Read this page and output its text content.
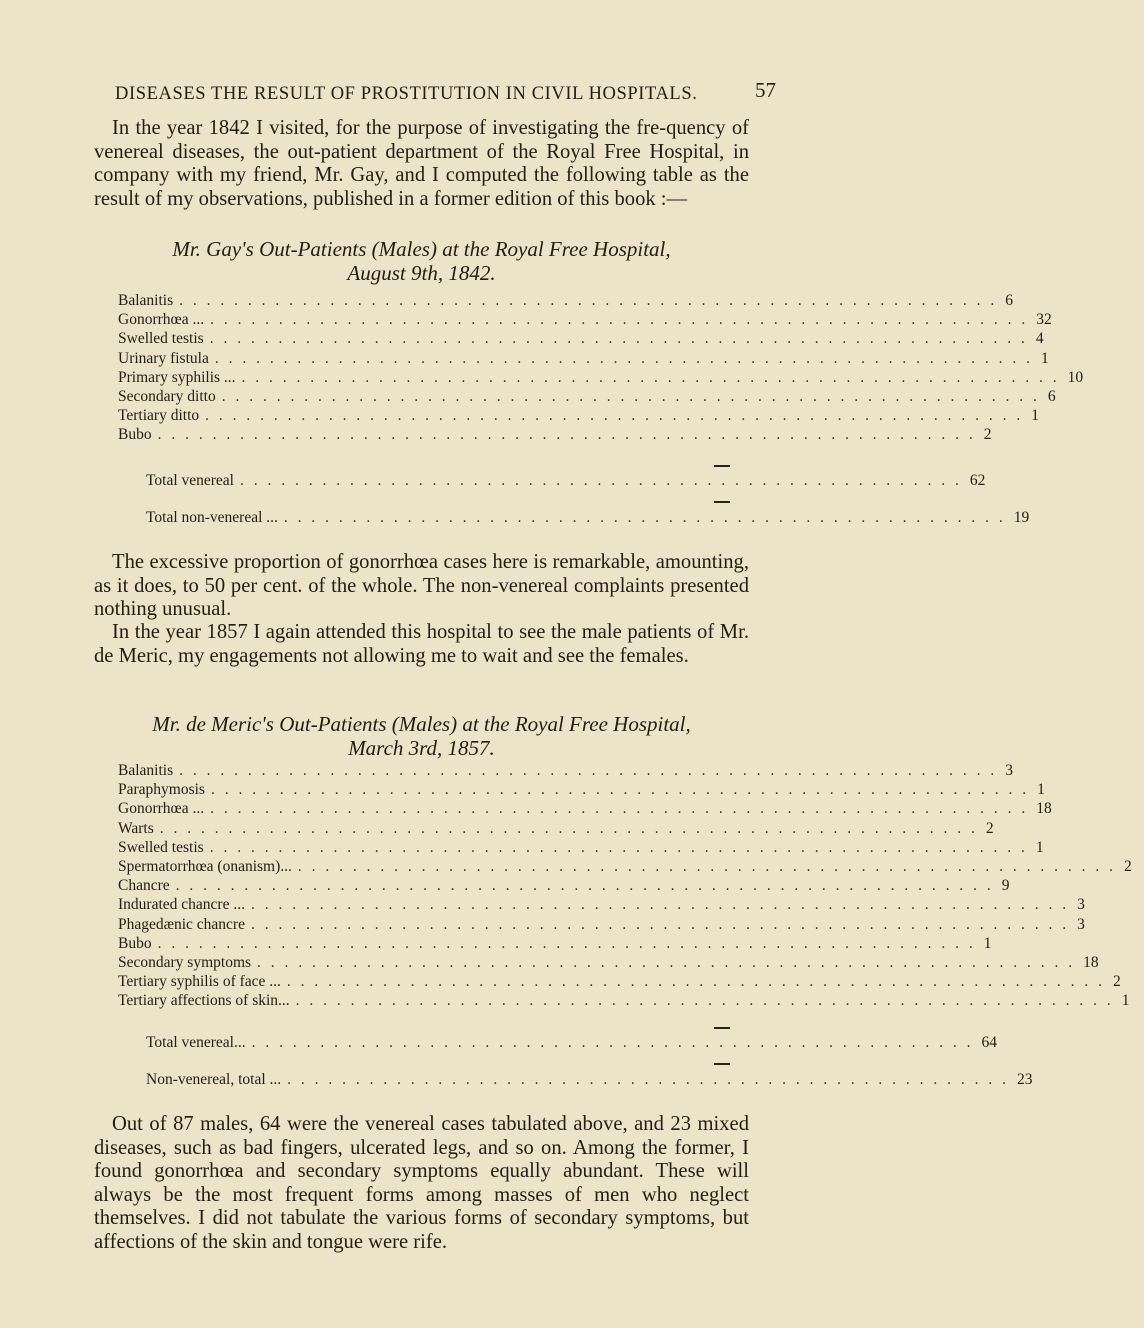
DISEASES THE RESULT OF PROSTITUTION IN CIVIL HOSPITALS.	57

In the year 1842 I visited, for the purpose of investigating the fre-quency of venereal diseases, the out-patient department of the Royal Free Hospital, in company with my friend, Mr. Gay, and I computed the following table as the result of my observations, published in a former edition of this book :—

Mr. Gay's Out-Patients (Males) at the Royal Free Hospital,
August 9th, 1842.
Balanitis . . . . . . . . . . . . . . . . . . . . . . . . . . . . . . . . . . . . . . . . . . . . . . . . . . . . . . . . . . . . 6
Gonorrhœa ... . . . . . . . . . . . . . . . . . . . . . . . . . . . . . . . . . . . . . . . . . . . . . . . . . . . . . . . . . . . . 32
Swelled testis . . . . . . . . . . . . . . . . . . . . . . . . . . . . . . . . . . . . . . . . . . . . . . . . . . . . . . . . . . . . 4
Urinary fistula . . . . . . . . . . . . . . . . . . . . . . . . . . . . . . . . . . . . . . . . . . . . . . . . . . . . . . . . . . . . 1
Primary syphilis ... . . . . . . . . . . . . . . . . . . . . . . . . . . . . . . . . . . . . . . . . . . . . . . . . . . . . . . . . . . . . 10
Secondary ditto . . . . . . . . . . . . . . . . . . . . . . . . . . . . . . . . . . . . . . . . . . . . . . . . . . . . . . . . . . . . 6
Tertiary ditto . . . . . . . . . . . . . . . . . . . . . . . . . . . . . . . . . . . . . . . . . . . . . . . . . . . . . . . . . . . . 1
Bubo . . . . . . . . . . . . . . . . . . . . . . . . . . . . . . . . . . . . . . . . . . . . . . . . . . . . . . . . . . . . 2
Total venereal . . . . . . . . . . . . . . . . . . . . . . . . . . . . . . . . . . . . . . . . . . . . . . . . . . . . . 62
Total non-venereal ... . . . . . . . . . . . . . . . . . . . . . . . . . . . . . . . . . . . . . . . . . . . . . . . . . . . . . 19

The excessive proportion of gonorrhœa cases here is remarkable, amounting, as it does, to 50 per cent. of the whole. The non-venereal complaints presented nothing unusual.

In the year 1857 I again attended this hospital to see the male patients of Mr. de Meric, my engagements not allowing me to wait and see the females.

Mr. de Meric's Out-Patients (Males) at the Royal Free Hospital,
March 3rd, 1857.
Balanitis . . . . . . . . . . . . . . . . . . . . . . . . . . . . . . . . . . . . . . . . . . . . . . . . . . . . . . . . . . . . 3
Paraphymosis . . . . . . . . . . . . . . . . . . . . . . . . . . . . . . . . . . . . . . . . . . . . . . . . . . . . . . . . . . . . 1
Gonorrhœa ... . . . . . . . . . . . . . . . . . . . . . . . . . . . . . . . . . . . . . . . . . . . . . . . . . . . . . . . . . . . . 18
Warts . . . . . . . . . . . . . . . . . . . . . . . . . . . . . . . . . . . . . . . . . . . . . . . . . . . . . . . . . . . . 2
Swelled testis . . . . . . . . . . . . . . . . . . . . . . . . . . . . . . . . . . . . . . . . . . . . . . . . . . . . . . . . . . . . 1
Spermatorrhœa (onanism)... . . . . . . . . . . . . . . . . . . . . . . . . . . . . . . . . . . . . . . . . . . . . . . . . . . . . . . . . . . . . 2
Chancre . . . . . . . . . . . . . . . . . . . . . . . . . . . . . . . . . . . . . . . . . . . . . . . . . . . . . . . . . . . . 9
Indurated chancre ... . . . . . . . . . . . . . . . . . . . . . . . . . . . . . . . . . . . . . . . . . . . . . . . . . . . . . . . . . . . . 3
Phagedænic chancre . . . . . . . . . . . . . . . . . . . . . . . . . . . . . . . . . . . . . . . . . . . . . . . . . . . . . . . . . . . . 3
Bubo . . . . . . . . . . . . . . . . . . . . . . . . . . . . . . . . . . . . . . . . . . . . . . . . . . . . . . . . . . . . 1
Secondary symptoms . . . . . . . . . . . . . . . . . . . . . . . . . . . . . . . . . . . . . . . . . . . . . . . . . . . . . . . . . . . . 18
Tertiary syphilis of face ... . . . . . . . . . . . . . . . . . . . . . . . . . . . . . . . . . . . . . . . . . . . . . . . . . . . . . . . . . . . . 2
Tertiary affections of skin... . . . . . . . . . . . . . . . . . . . . . . . . . . . . . . . . . . . . . . . . . . . . . . . . . . . . . . . . . . . . 1
Total venereal... . . . . . . . . . . . . . . . . . . . . . . . . . . . . . . . . . . . . . . . . . . . . . . . . . . . . . 64
Non-venereal, total ... . . . . . . . . . . . . . . . . . . . . . . . . . . . . . . . . . . . . . . . . . . . . . . . . . . . . . 23

Out of 87 males, 64 were the venereal cases tabulated above, and 23 mixed diseases, such as bad fingers, ulcerated legs, and so on. Among the former, I found gonorrhœa and secondary symptoms equally abundant. These will always be the most frequent forms among masses of men who neglect themselves. I did not tabulate the various forms of secondary symptoms, but affections of the skin and tongue were rife.
